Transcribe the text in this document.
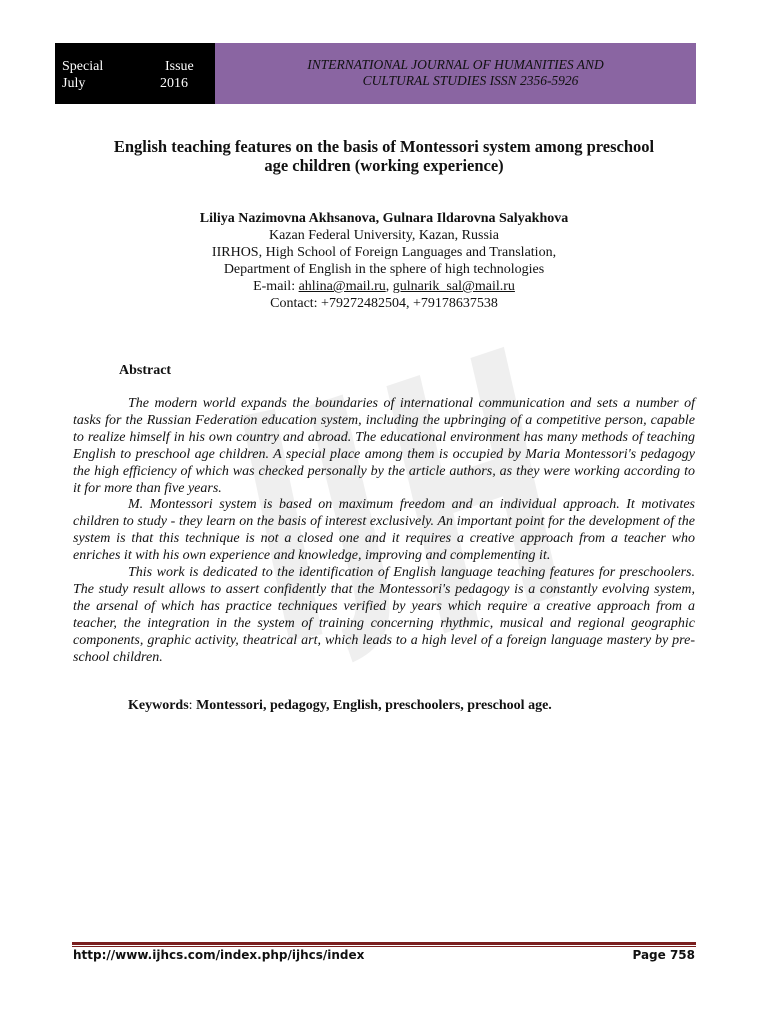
Special	Issue
July	2016
INTERNATIONAL JOURNAL OF HUMANITIES AND
CULTURAL STUDIES ISSN 2356-5926
English teaching features on the basis of Montessori system among preschool
age children (working experience)
Liliya Nazimovna Akhsanova, Gulnara Ildarovna Salyakhova
Kazan Federal University, Kazan, Russia
IIRHOS, High School of Foreign Languages and Translation,
Department of English in the sphere of high technologies
E-mail: ahlina@mail.ru, gulnarik_sal@mail.ru
Contact: +79272482504, +79178637538
Abstract

The modern world expands the boundaries of international communication and sets a number of tasks for the Russian Federation education system, including the upbringing of a competitive person, capable to realize himself in his own country and abroad. The educational environment has many methods of teaching English to preschool age children. A special place among them is occupied by Maria Montessori's pedagogy the high efficiency of which was checked personally by the article authors, as they were working according to it for more than five years.

M. Montessori system is based on maximum freedom and an individual approach. It motivates children to study - they learn on the basis of interest exclusively. An important point for the development of the system is that this technique is not a closed one and it requires a creative approach from a teacher who enriches it with his own experience and knowledge, improving and complementing it.

This work is dedicated to the identification of English language teaching features for preschoolers. The study result allows to assert confidently that the Montessori's pedagogy is a constantly evolving system, the arsenal of which has practice techniques verified by years which require a creative approach from a teacher, the integration in the system of training concerning rhythmic, musical and regional geographic components, graphic activity, theatrical art, which leads to a high level of a foreign language mastery by pre-school children.

Keywords: Montessori, pedagogy, English, preschoolers, preschool age.
http://www.ijhcs.com/index.php/ijhcs/index	Page 758
